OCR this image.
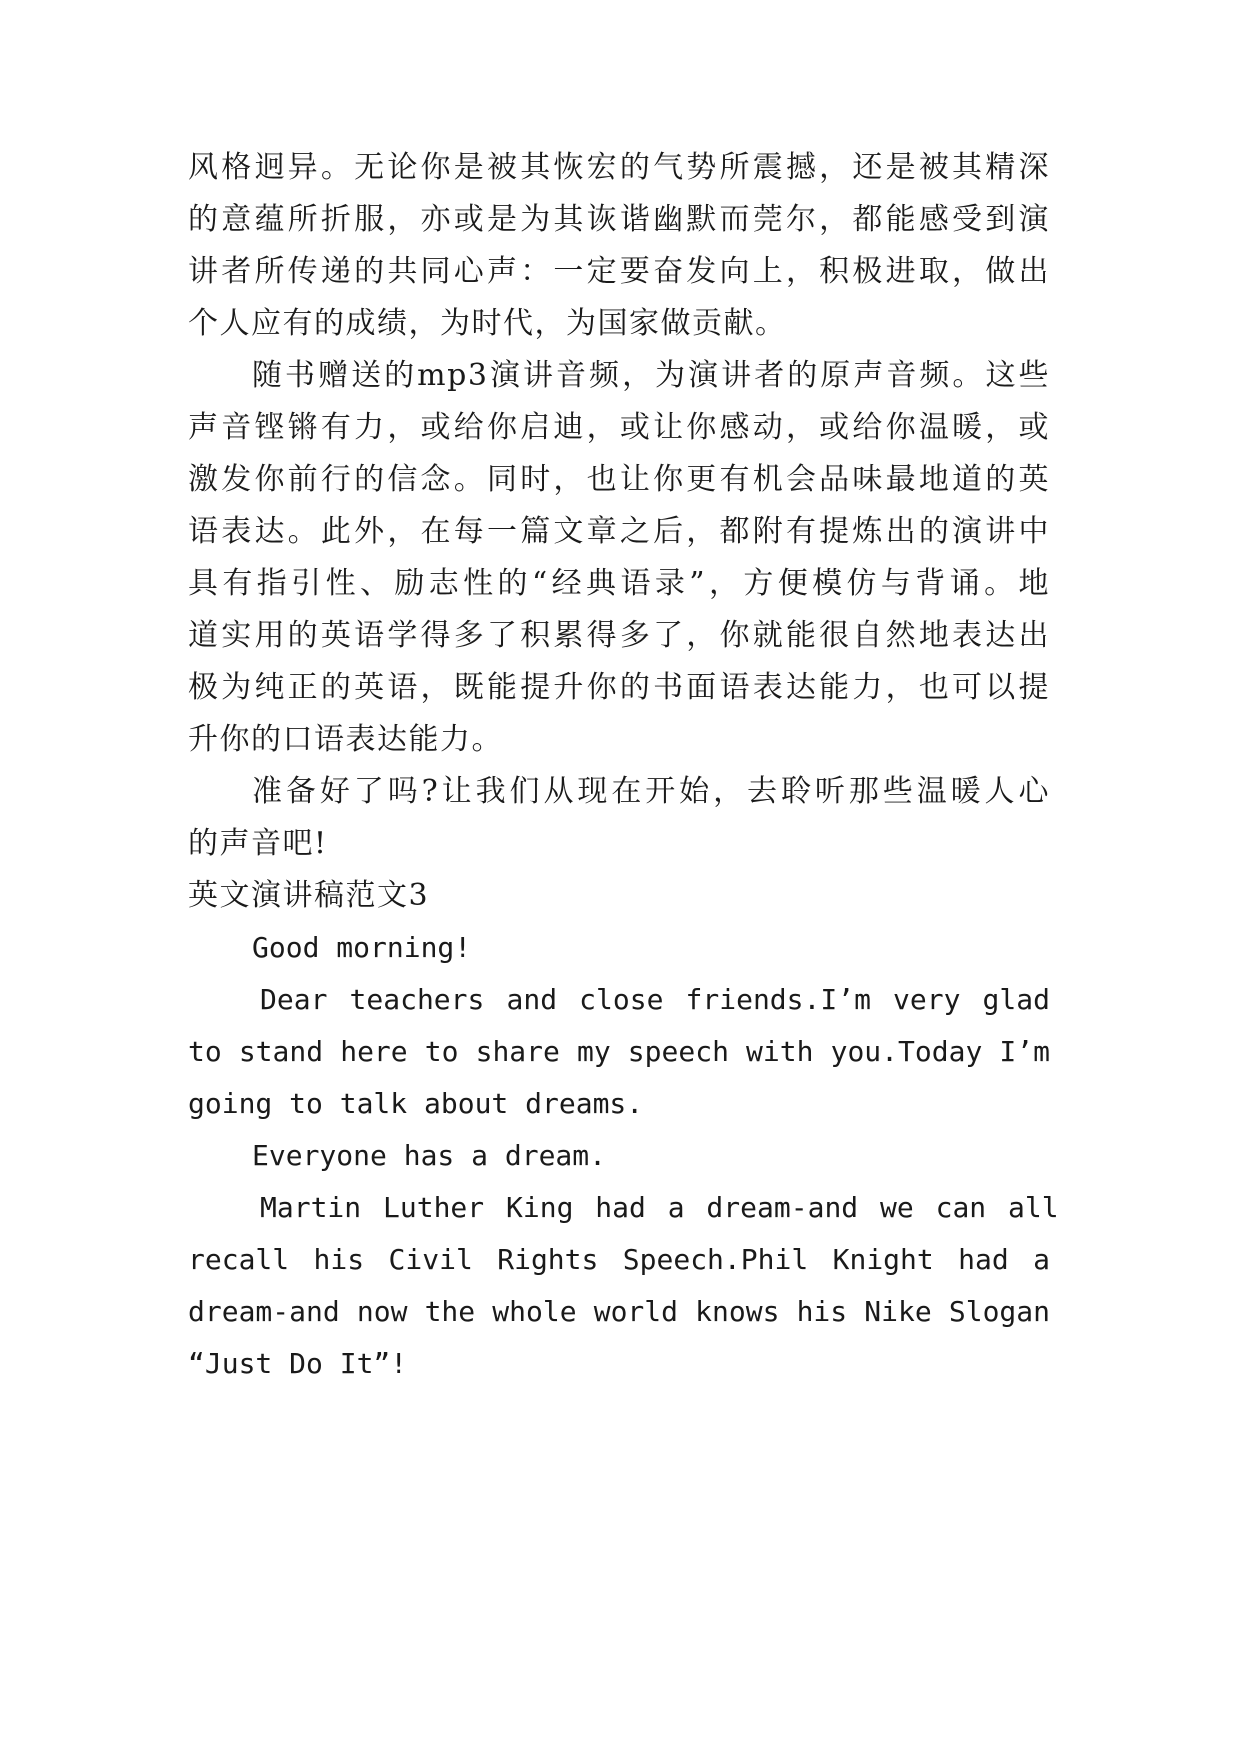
风格迥异。无论你是被其恢宏的气势所震撼，还是被其精深
的意蕴所折服，亦或是为其诙谐幽默而莞尔，都能感受到演
讲者所传递的共同心声：一定要奋发向上，积极进取，做出
个人应有的成绩，为时代，为国家做贡献。
随书赠送的mp3演讲音频，为演讲者的原声音频。这些
声音铿锵有力，或给你启迪，或让你感动，或给你温暖，或
激发你前行的信念。同时，也让你更有机会品味最地道的英
语表达。此外，在每一篇文章之后，都附有提炼出的演讲中
具有指引性、励志性的“经典语录”，方便模仿与背诵。地
道实用的英语学得多了积累得多了，你就能很自然地表达出
极为纯正的英语，既能提升你的书面语表达能力，也可以提
升你的口语表达能力。
准备好了吗?让我们从现在开始，去聆听那些温暖人心
的声音吧!
英文演讲稿范文3
Good morning!
Dear teachers and close friends.I’m very glad
to stand here to share my speech with you.Today I’m
going to talk about dreams.
Everyone has a dream.
Martin Luther King had a dream-and we can all
recall his Civil Rights Speech.Phil Knight had a
dream-and now the whole world knows his Nike Slogan
“Just Do It”!
